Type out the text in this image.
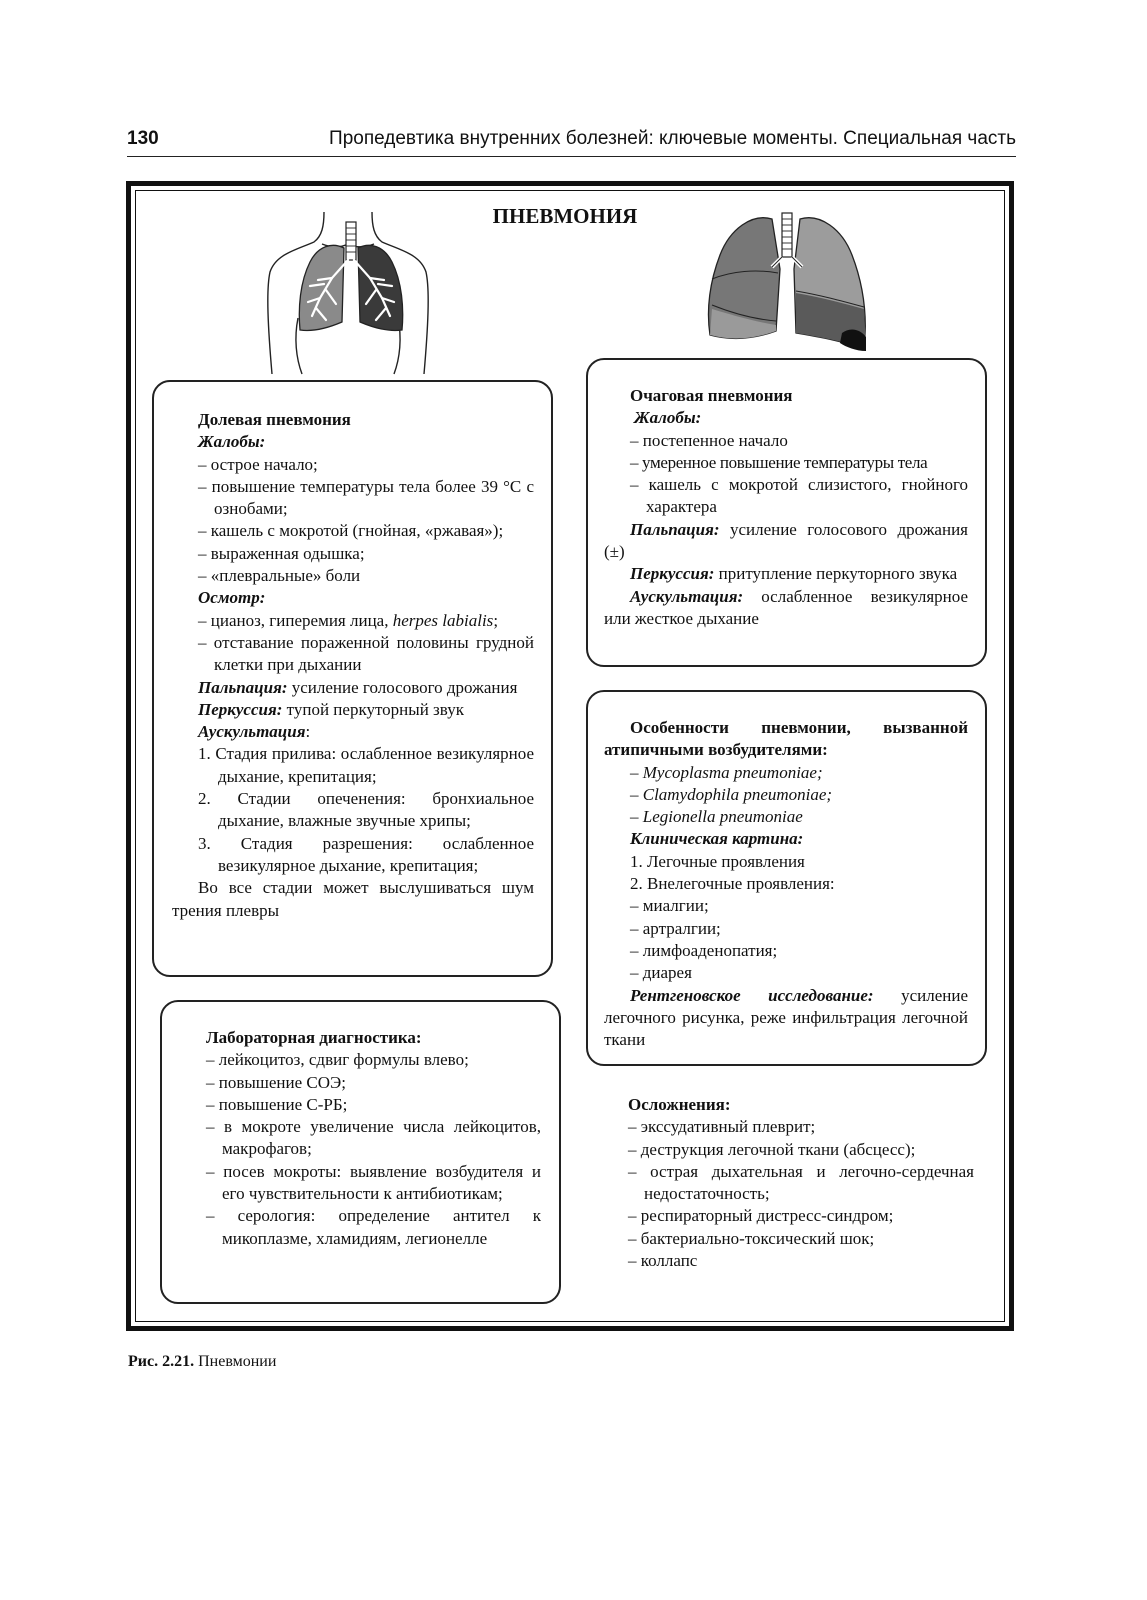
130	Пропедевтика внутренних болезней: ключевые моменты. Специальная часть
ПНЕВМОНИЯ

Долевая пневмония

Жалобы:

– острое начало;

– повышение температуры тела более 39 °С с ознобами;

– кашель с мокротой (гнойная, «ржавая»);

– выраженная одышка;

– «плевральные» боли

Осмотр:

– цианоз, гиперемия лица, herpes labialis;

– отставание пораженной половины грудной клетки при дыхании

Пальпация: усиление голосового дрожания

Перкуссия: тупой перкуторный звук

Аускультация:

1. Стадия прилива: ослабленное везикулярное дыхание, крепитация;

2. Стадии опеченения: бронхиальное дыхание, влажные звучные хрипы;

3. Стадия разрешения: ослабленное везикулярное дыхание, крепитация;

Во все стадии может выслушиваться шум трения плевры

Очаговая пневмония

Жалобы:

– постепенное начало

– умеренное повышение температуры тела

– кашель с мокротой слизистого, гнойного характера

Пальпация: усиление голосового дрожания (±)

Перкуссия: притупление перкуторного звука

Аускультация: ослабленное везикулярное или жесткое дыхание

Особенности пневмонии, вызванной атипичными возбудителями:

– Mycoplasma pneumoniae;

– Clamydophila pneumoniae;

– Legionella pneumoniae

Клиническая картина:

1. Легочные проявления

2. Внелегочные проявления:

– миалгии;

– артралгии;

– лимфоаденопатия;

– диарея

Рентгеновское исследование: усиление легочного рисунка, реже инфильтрация легочной ткани

Лабораторная диагностика:

– лейкоцитоз, сдвиг формулы влево;

– повышение СОЭ;

– повышение С-РБ;

– в мокроте увеличение числа лейкоцитов, макрофагов;

– посев мокроты: выявление возбудителя и его чувствительности к антибиотикам;

– серология: определение антител к микоплазме, хламидиям, легионелле

Осложнения:

– экссудативный плеврит;

– деструкция легочной ткани (абсцесс);

– острая дыхательная и легочно-сердечная недостаточность;

– респираторный дистресс-синдром;

– бактериально-токсический шок;

– коллапс

Рис. 2.21. Пневмонии
